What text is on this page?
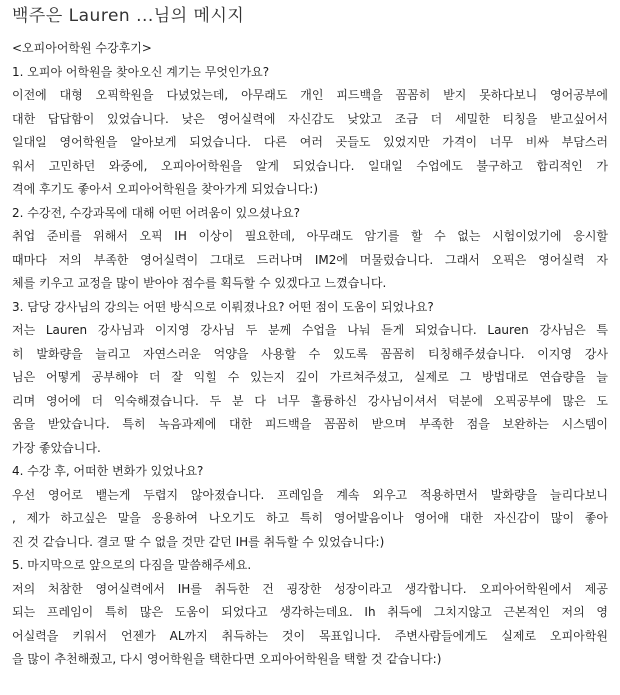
백주은 Lauren ...님의 메시지
<오피아어학원 수강후기>
1. 오피아 어학원을 찾아오신 계기는 무엇인가요?
이전에 대형 오픽학원을 다녔었는데, 아무래도 개인 피드백을 꼼꼼히 받지 못하다보니 영어공부에
대한 답답함이 있었습니다. 낮은 영어실력에 자신감도 낮았고 조금 더 세밀한 티칭을 받고싶어서
일대일 영어학원을 알아보게 되었습니다. 다른 여러 곳들도 있었지만 가격이 너무 비싸 부담스러
워서 고민하던 와중에, 오피아어학원을 알게 되었습니다. 일대일 수업에도 불구하고 합리적인 가
격에 후기도 좋아서 오피아어학원을 찾아가게 되었습니다:)
2. 수강전, 수강과목에 대해 어떤 어려움이 있으셨나요?
취업 준비를 위해서 오픽 IH 이상이 필요한데, 아무래도 암기를 할 수 없는 시험이었기에 응시할
때마다 저의 부족한 영어실력이 그대로 드러나며 IM2에 머물렀습니다. 그래서 오픽은 영어실력 자
체를 키우고 교정을 많이 받아야 점수를 획득할 수 있겠다고 느꼈습니다.
3. 담당 강사님의 강의는 어떤 방식으로 이뤄졌나요? 어떤 점이 도움이 되었나요?
저는 Lauren 강사님과 이지영 강사님 두 분께 수업을 나눠 듣게 되었습니다. Lauren 강사님은 특
히 발화량을 늘리고 자연스러운 억양을 사용할 수 있도록 꼼꼼히 티칭해주셨습니다. 이지영 강사
님은 어떻게 공부해야 더 잘 익힐 수 있는지 깊이 가르쳐주셨고, 실제로 그 방법대로 연습량을 늘
리며 영어에 더 익숙해졌습니다. 두 분 다 너무 훌륭하신 강사님이셔서 덕분에 오픽공부에 많은 도
움을 받았습니다. 특히 녹음과제에 대한 피드백을 꼼꼼히 받으며 부족한 점을 보완하는 시스템이
가장 좋았습니다.
4. 수강 후, 어떠한 변화가 있었나요?
우선 영어로 뱉는게 두렵지 않아졌습니다. 프레임을 계속 외우고 적용하면서 발화량을 늘리다보니
, 제가 하고싶은 말을 응용하여 나오기도 하고 특히 영어발음이나 영어애 대한 자신감이 많이 좋아
진 것 같습니다. 결코 딸 수 없을 것만 같던 IH를 취득할 수 있었습니다:)
5. 마지막으로 앞으로의 다짐을 말씀해주세요.
저의 처참한 영어실력에서 IH를 취득한 건 굉장한 성장이라고 생각합니다. 오피아어학원에서 제공
되는 프레임이 특히 많은 도움이 되었다고 생각하는데요. Ih 취득에 그치지않고 근본적인 저의 영
어실력을 키워서 언젠가 AL까지 취득하는 것이 목표입니다. 주변사람들에게도 실제로 오피아학원
을 많이 추천해줬고, 다시 영어학원을 택한다면 오피아어학원을 택할 것 같습니다:)
